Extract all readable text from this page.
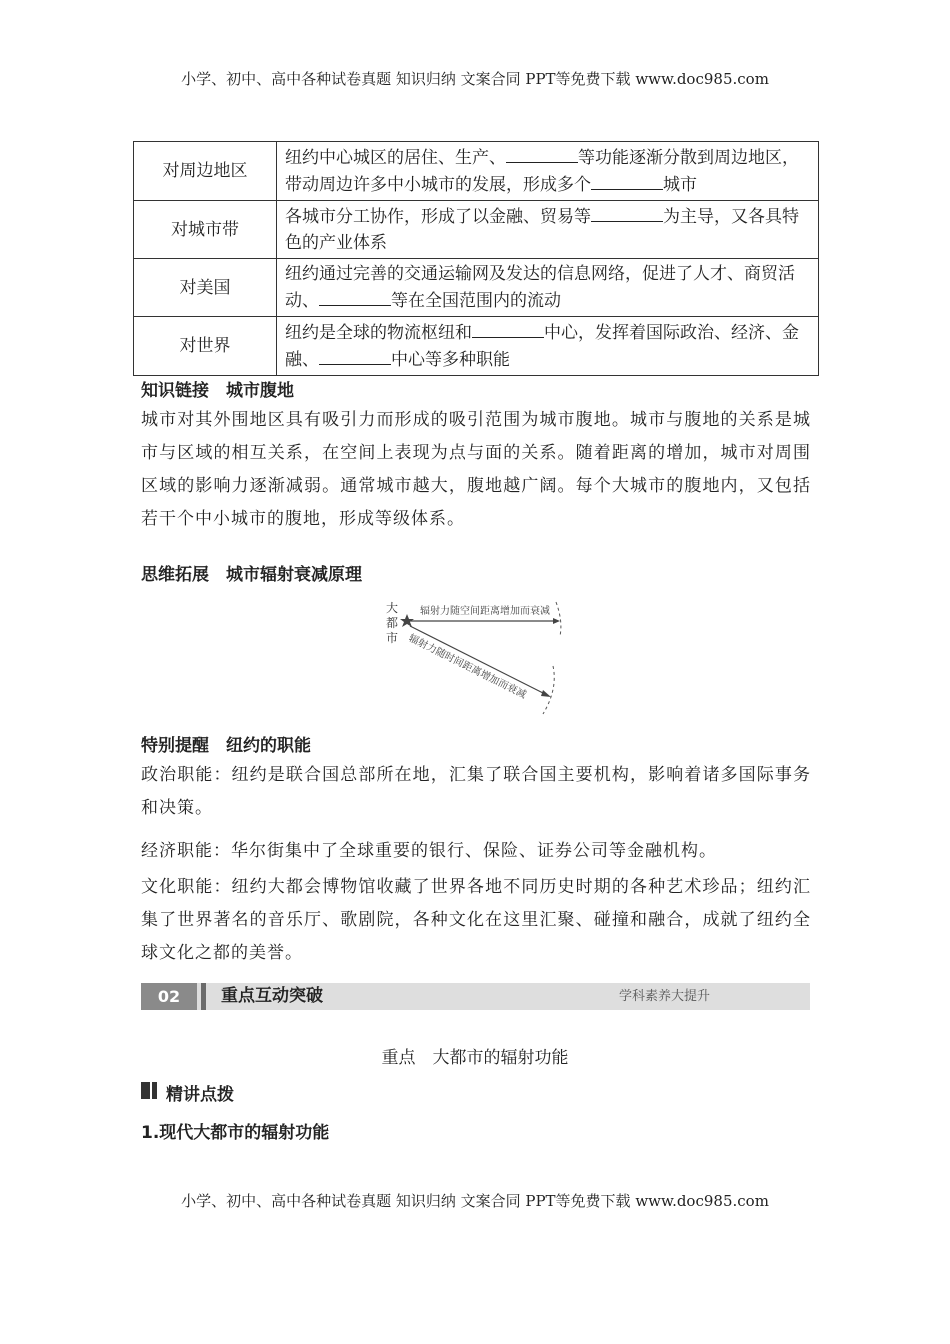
小学、初中、高中各种试卷真题 知识归纳 文案合同 PPT等免费下载 www.doc985.com
对周边地区	纽约中心城区的居住、生产、 等功能逐渐分散到周边地区，带动周边许多中小城市的发展，形成多个 城市
对城市带	各城市分工协作，形成了以金融、贸易等 为主导，又各具特色的产业体系
对美国	纽约通过完善的交通运输网及发达的信息网络，促进了人才、商贸活动、 等在全国范围内的流动
对世界	纽约是全球的物流枢纽和 中心，发挥着国际政治、经济、金融、 中心等多种职能
知识链接　城市腹地
城市对其外围地区具有吸引力而形成的吸引范围为城市腹地。城市与腹地的关系是城市与区域的相互关系，在空间上表现为点与面的关系。随着距离的增加，城市对周围区域的影响力逐渐减弱。通常城市越大，腹地越广阔。每个大城市的腹地内，又包括若干个中小城市的腹地，形成等级体系。
思维拓展　城市辐射衰减原理
大
都
市
辐射力随空间距离增加而衰减
辐射力随时间距离增加而衰减
特别提醒　纽约的职能
政治职能：纽约是联合国总部所在地，汇集了联合国主要机构，影响着诸多国际事务和决策。
经济职能：华尔街集中了全球重要的银行、保险、证券公司等金融机构。
文化职能：纽约大都会博物馆收藏了世界各地不同历史时期的各种艺术珍品；纽约汇集了世界著名的音乐厅、歌剧院，各种文化在这里汇聚、碰撞和融合，成就了纽约全球文化之都的美誉。
02	重点互动突破	学科素养大提升
重点　大都市的辐射功能
精讲点拨
1.现代大都市的辐射功能
小学、初中、高中各种试卷真题 知识归纳 文案合同 PPT等免费下载 www.doc985.com
